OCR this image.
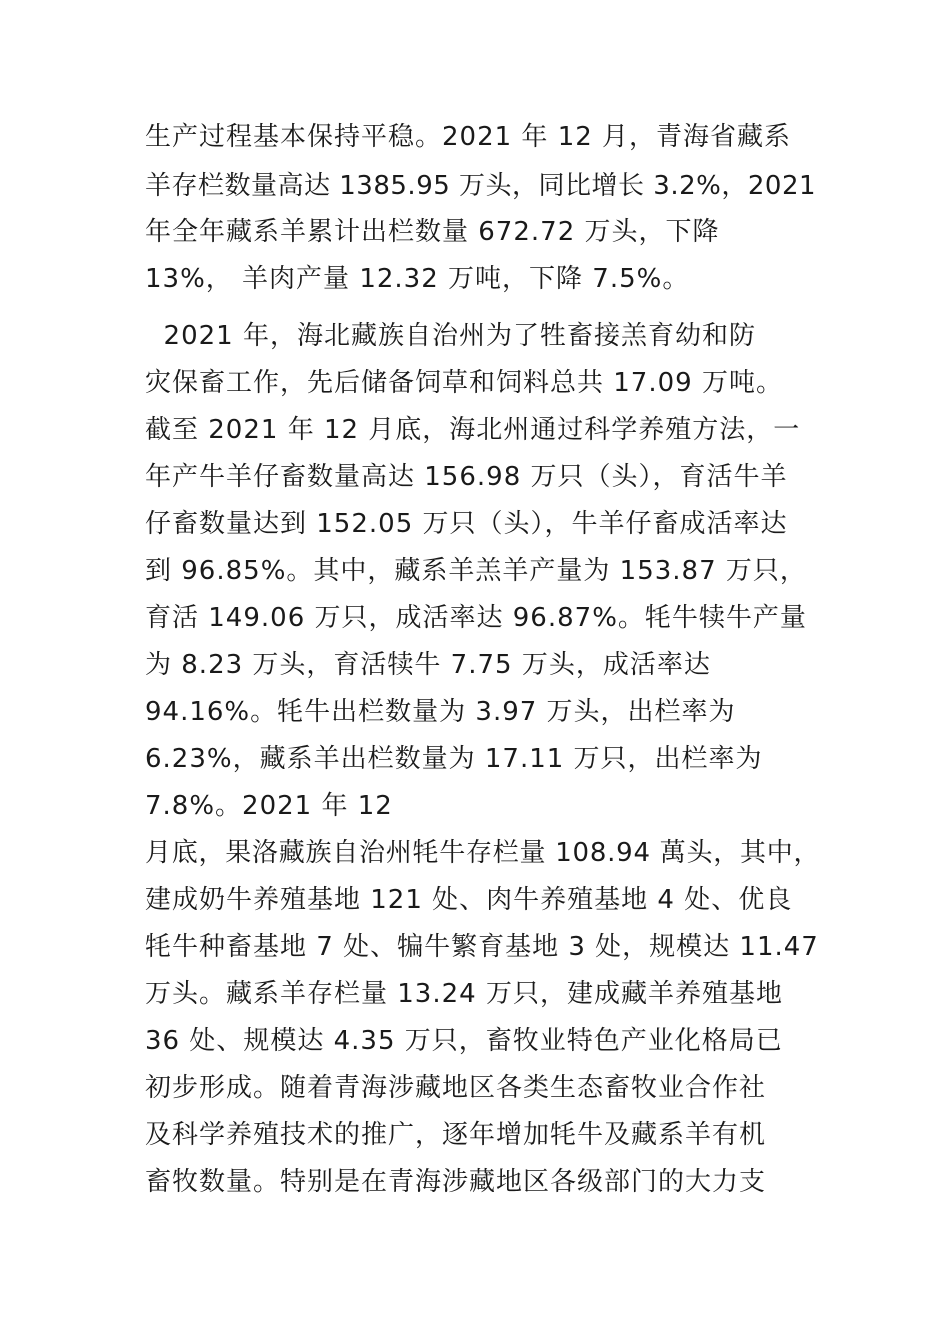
生产过程基本保持平稳。2021 年 12 月，青海省藏系
羊存栏数量高达 1385.95 万头，同比增长 3.2%，2021
年全年藏系羊累计出栏数量 672.72 万头，下降
13%， 羊肉产量 12.32 万吨，下降 7.5%。
2021 年，海北藏族自治州为了牲畜接羔育幼和防
灾保畜工作，先后储备饲草和饲料总共 17.09 万吨。
截至 2021 年 12 月底，海北州通过科学养殖方法，一
年产牛羊仔畜数量高达 156.98 万只（头），育活牛羊
仔畜数量达到 152.05 万只（头），牛羊仔畜成活率达
到 96.85%。其中，藏系羊羔羊产量为 153.87 万只，
育活 149.06 万只，成活率达 96.87%。牦牛犊牛产量
为 8.23 万头，育活犊牛 7.75 万头，成活率达
94.16%。牦牛出栏数量为 3.97 万头，出栏率为
6.23%，藏系羊出栏数量为 17.11 万只，出栏率为
7.8%。2021 年 12
月底，果洛藏族自治州牦牛存栏量 108.94 萬头，其中，
建成奶牛养殖基地 121 处、肉牛养殖基地 4 处、优良
牦牛种畜基地 7 处、犏牛繁育基地 3 处，规模达 11.47
万头。藏系羊存栏量 13.24 万只，建成藏羊养殖基地
36 处、规模达 4.35 万只，畜牧业特色产业化格局已
初步形成。随着青海涉藏地区各类生态畜牧业合作社
及科学养殖技术的推广，逐年增加牦牛及藏系羊有机
畜牧数量。特别是在青海涉藏地区各级部门的大力支
